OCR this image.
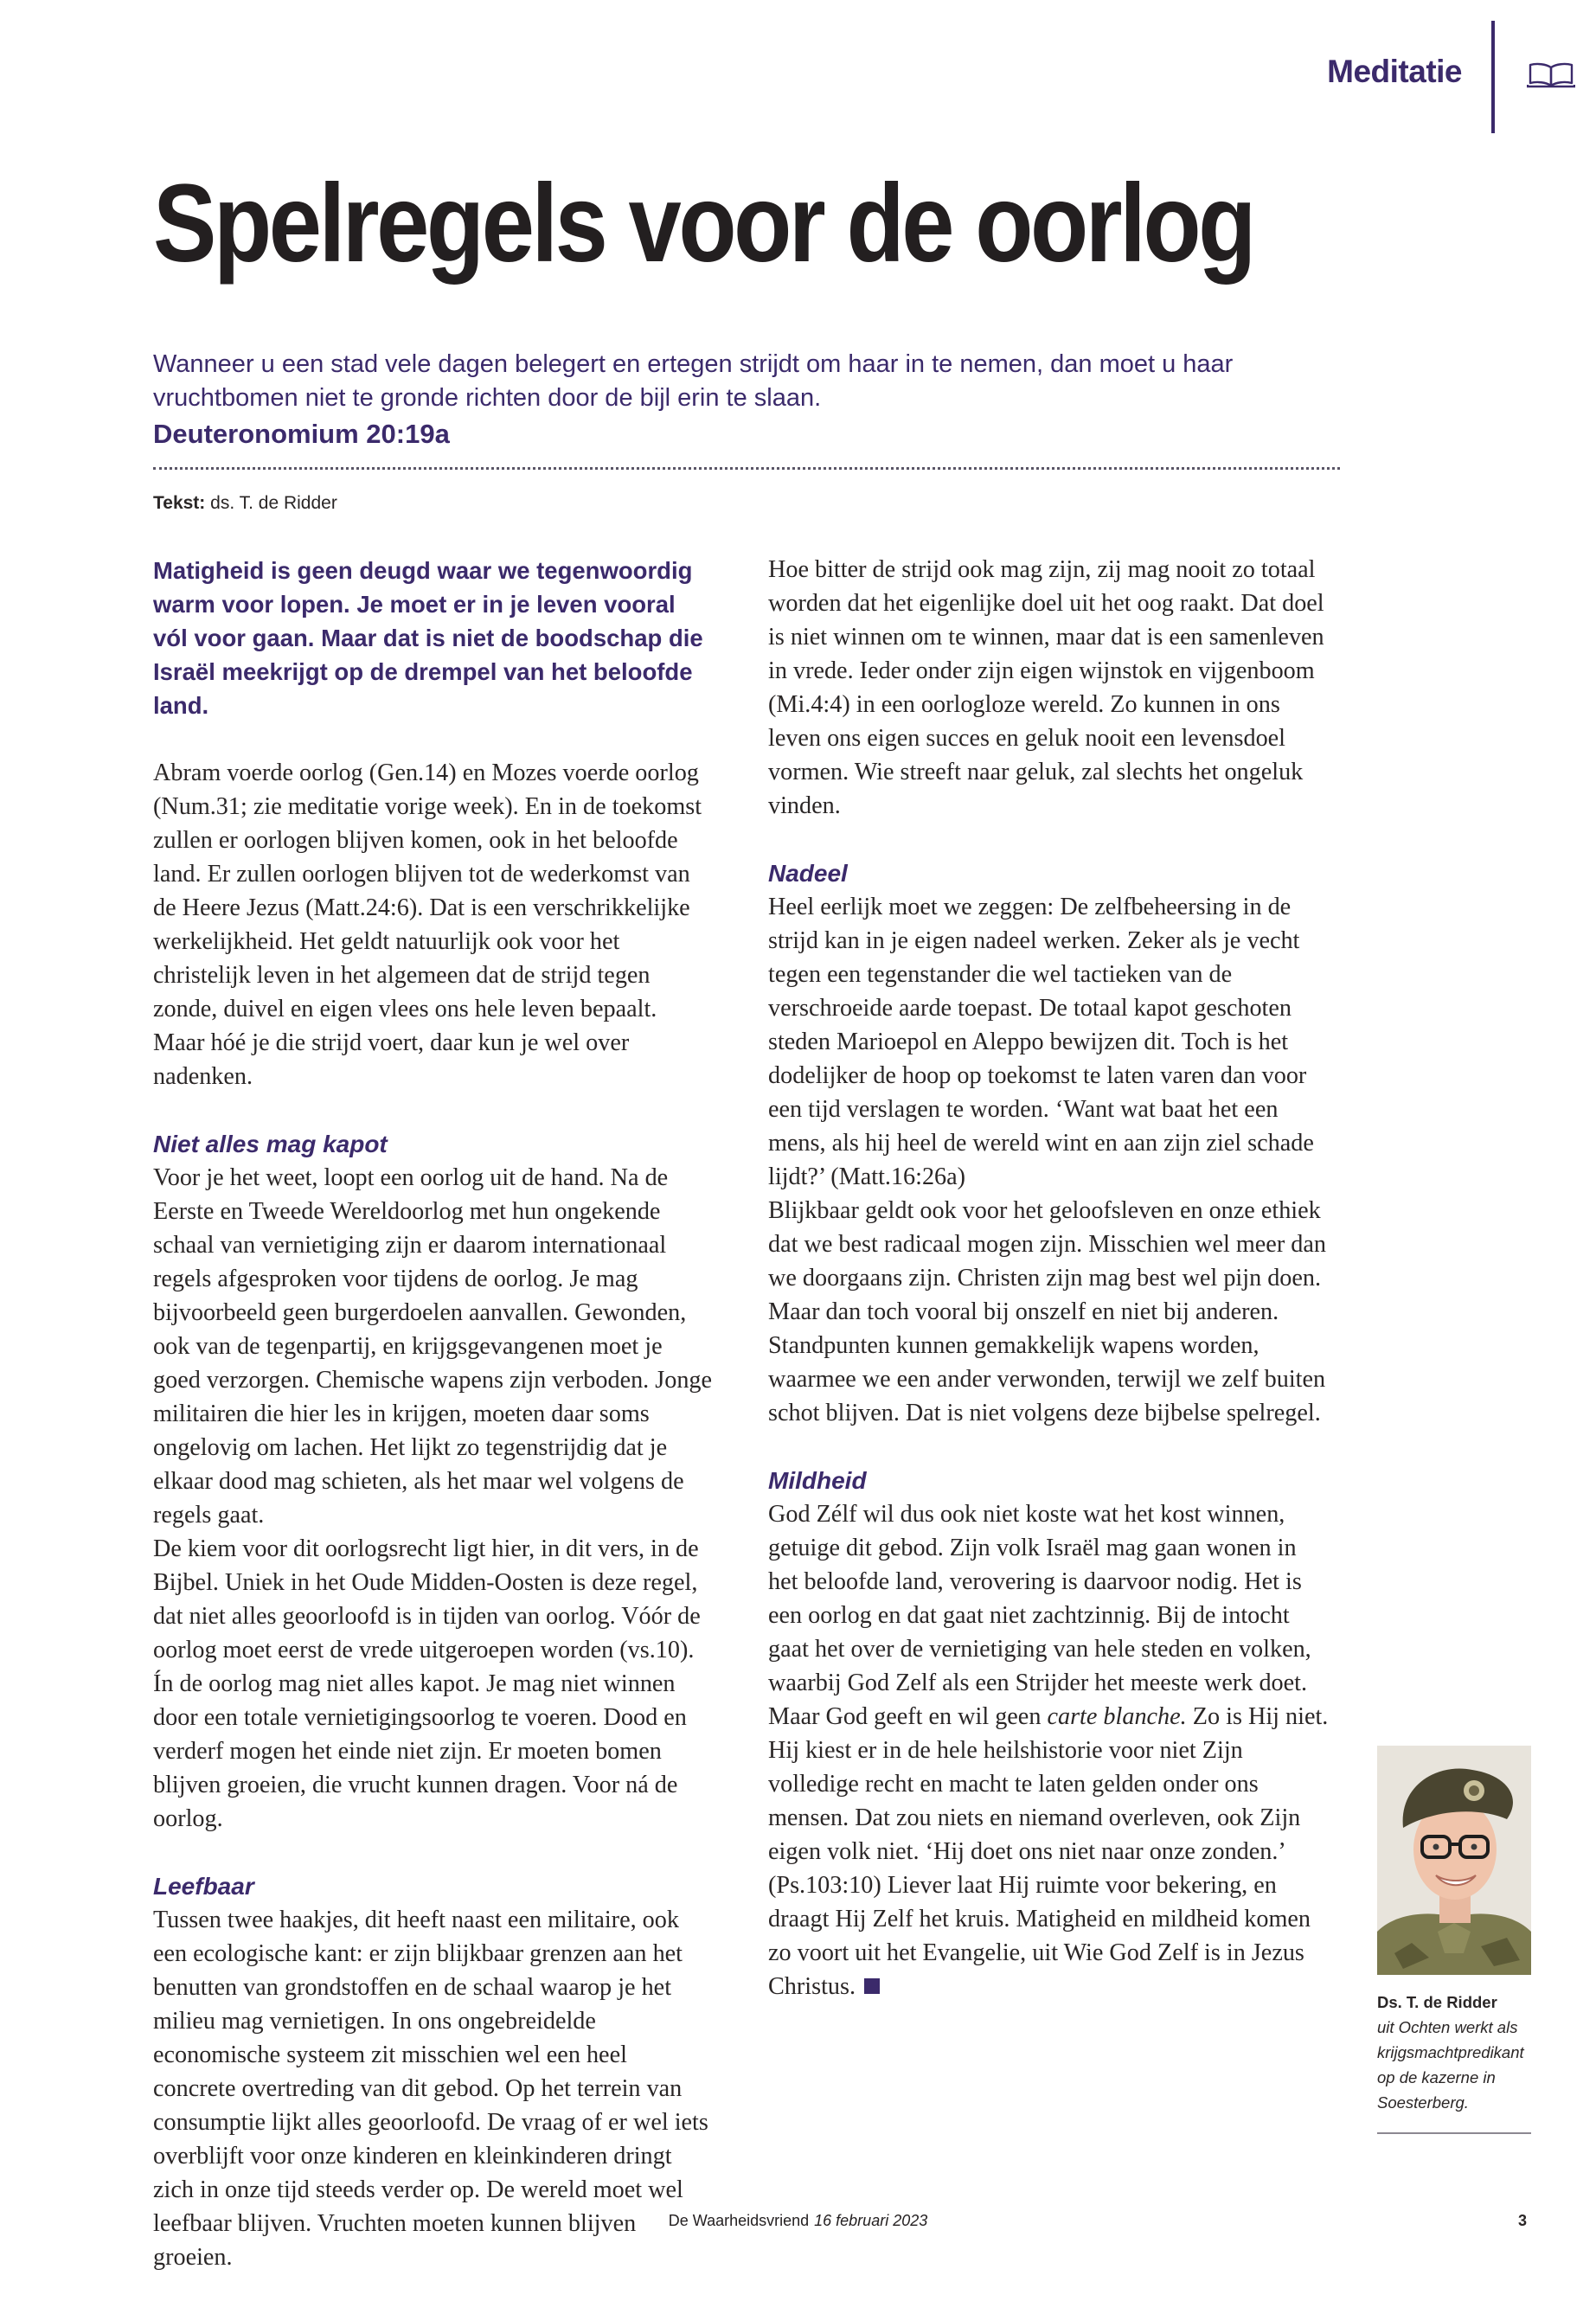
Meditatie
Spelregels voor de oorlog

Wanneer u een stad vele dagen belegert en ertegen strijdt om haar in te nemen, dan moet u haar vruchtbomen niet te gronde richten door de bijl erin te slaan.

Deuteronomium 20:19a

Tekst: ds. T. de Ridder

Matigheid is geen deugd waar we tegenwoordig warm voor lopen. Je moet er in je leven vooral vól voor gaan. Maar dat is niet de boodschap die Israël meekrijgt op de drempel van het beloofde land.

Abram voerde oorlog (Gen.14) en Mozes voerde oorlog (Num.31; zie meditatie vorige week). En in de toekomst zullen er oorlogen blijven komen, ook in het beloofde land. Er zullen oorlogen blijven tot de wederkomst van de Heere Jezus (Matt.24:6). Dat is een verschrikkelijke werkelijkheid. Het geldt natuurlijk ook voor het christelijk leven in het algemeen dat de strijd tegen zonde, duivel en eigen vlees ons hele leven bepaalt. Maar hóé je die strijd voert, daar kun je wel over nadenken.

Niet alles mag kapot

Voor je het weet, loopt een oorlog uit de hand. Na de Eerste en Tweede Wereldoorlog met hun ongekende schaal van vernietiging zijn er daarom internationaal regels afgesproken voor tijdens de oorlog. Je mag bijvoorbeeld geen burgerdoelen aanvallen. Gewonden, ook van de tegenpartij, en krijgsgevangenen moet je goed verzorgen. Chemische wapens zijn verboden. Jonge militairen die hier les in krijgen, moeten daar soms ongelovig om lachen. Het lijkt zo tegenstrijdig dat je elkaar dood mag schieten, als het maar wel volgens de regels gaat.

De kiem voor dit oorlogsrecht ligt hier, in dit vers, in de Bijbel. Uniek in het Oude Midden-Oosten is deze regel, dat niet alles geoorloofd is in tijden van oorlog. Vóór de oorlog moet eerst de vrede uitgeroepen worden (vs.10). Ín de oorlog mag niet alles kapot. Je mag niet winnen door een totale vernietigingsoorlog te voeren. Dood en verderf mogen het einde niet zijn. Er moeten bomen blijven groeien, die vrucht kunnen dragen. Voor ná de oorlog.

Leefbaar

Tussen twee haakjes, dit heeft naast een militaire, ook een ecologische kant: er zijn blijkbaar grenzen aan het benutten van grondstoffen en de schaal waarop je het milieu mag vernietigen. In ons ongebreidelde economische systeem zit misschien wel een heel concrete overtreding van dit gebod. Op het terrein van consumptie lijkt alles geoorloofd. De vraag of er wel iets overblijft voor onze kinderen en kleinkinderen dringt zich in onze tijd steeds verder op. De wereld moet wel leefbaar blijven. Vruchten moeten kunnen blijven groeien.

Hoe bitter de strijd ook mag zijn, zij mag nooit zo totaal worden dat het eigenlijke doel uit het oog raakt. Dat doel is niet winnen om te winnen, maar dat is een samenleven in vrede. Ieder onder zijn eigen wijnstok en vijgenboom (Mi.4:4) in een oorlogloze wereld. Zo kunnen in ons leven ons eigen succes en geluk nooit een levensdoel vormen. Wie streeft naar geluk, zal slechts het ongeluk vinden.

Nadeel

Heel eerlijk moet we zeggen: De zelfbeheersing in de strijd kan in je eigen nadeel werken. Zeker als je vecht tegen een tegenstander die wel tactieken van de verschroeide aarde toepast. De totaal kapot geschoten steden Marioepol en Aleppo bewijzen dit. Toch is het dodelijker de hoop op toekomst te laten varen dan voor een tijd verslagen te worden. ‘Want wat baat het een mens, als hij heel de wereld wint en aan zijn ziel schade lijdt?’ (Matt.16:26a)

Blijkbaar geldt ook voor het geloofsleven en onze ethiek dat we best radicaal mogen zijn. Misschien wel meer dan we doorgaans zijn. Christen zijn mag best wel pijn doen. Maar dan toch vooral bij onszelf en niet bij anderen. Standpunten kunnen gemakkelijk wapens worden, waarmee we een ander verwonden, terwijl we zelf buiten schot blijven. Dat is niet volgens deze bijbelse spelregel.

Mildheid

God Zélf wil dus ook niet koste wat het kost winnen, getuige dit gebod. Zijn volk Israël mag gaan wonen in het beloofde land, verovering is daarvoor nodig. Het is een oorlog en dat gaat niet zachtzinnig. Bij de intocht gaat het over de vernietiging van hele steden en volken, waarbij God Zelf als een Strijder het meeste werk doet. Maar God geeft en wil geen carte blanche. Zo is Hij niet. Hij kiest er in de hele heilshistorie voor niet Zijn volledige recht en macht te laten gelden onder ons mensen. Dat zou niets en niemand overleven, ook Zijn eigen volk niet. ‘Hij doet ons niet naar onze zonden.’ (Ps.103:10) Liever laat Hij ruimte voor bekering, en draagt Hij Zelf het kruis. Matigheid en mildheid komen zo voort uit het Evangelie, uit Wie God Zelf is in Jezus Christus.

Ds. T. de Ridder
uit Ochten werkt als krijgsmachtpredikant op de kazerne in Soesterberg.

De Waarheidsvriend 16 februari 2023	3
